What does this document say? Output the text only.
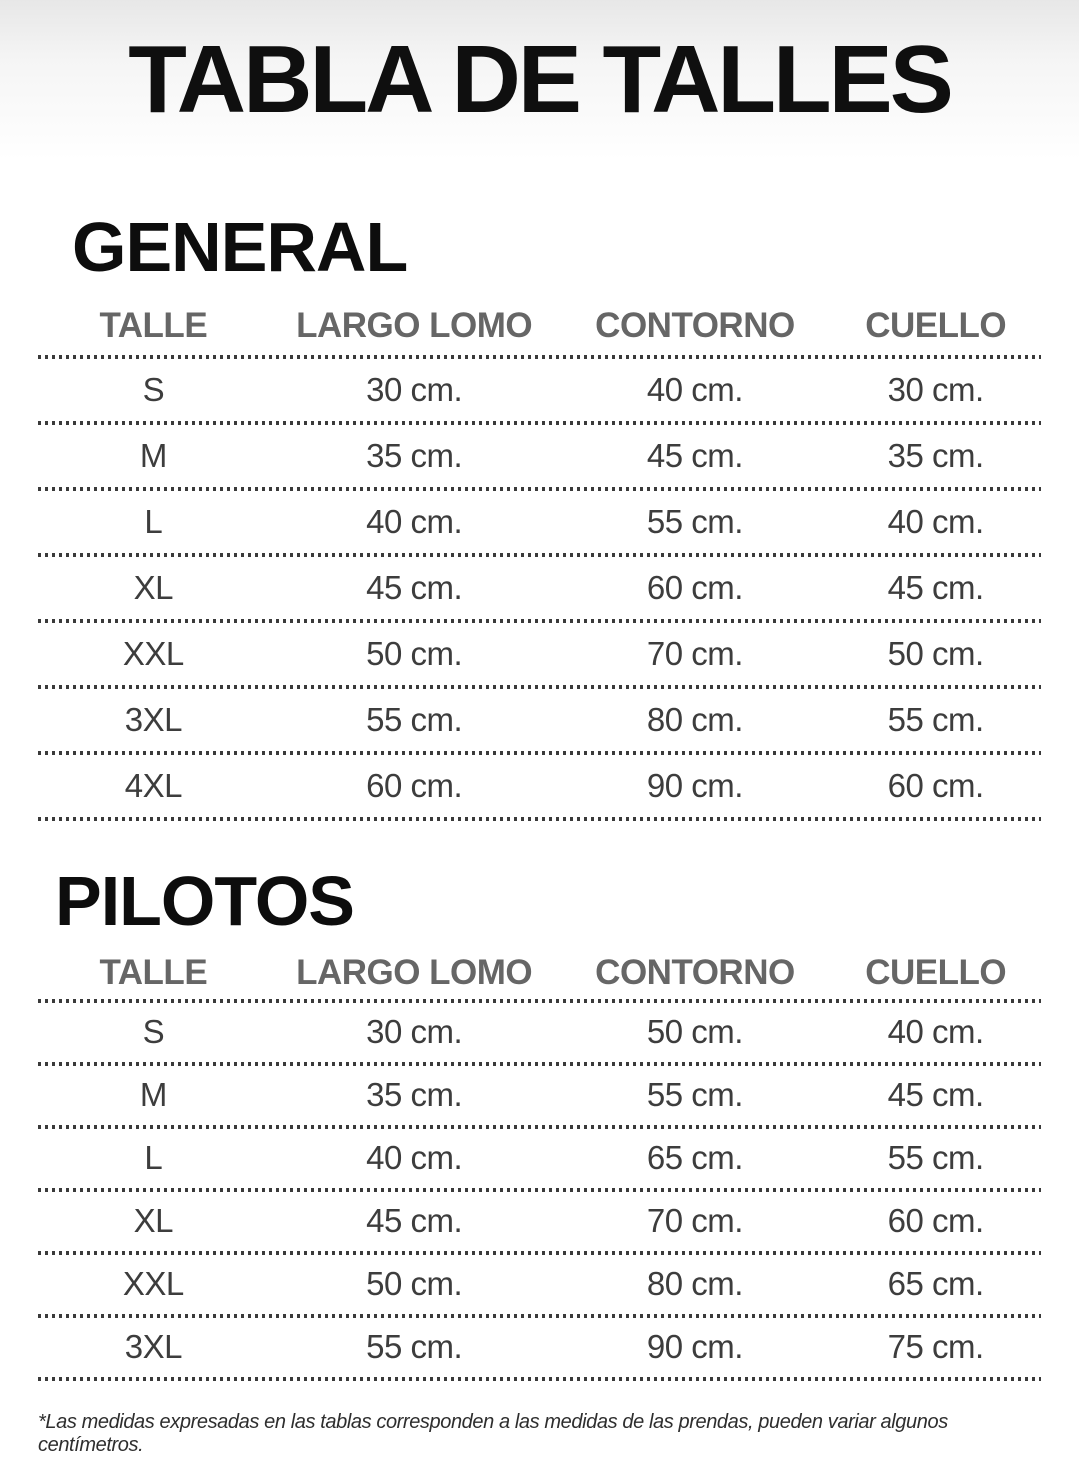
TABLA DE TALLES
GENERAL
TALLE	LARGO LOMO	CONTORNO	CUELLO
S	30 cm.	40 cm.	30 cm.
M	35 cm.	45 cm.	35 cm.
L	40 cm.	55 cm.	40 cm.
XL	45 cm.	60 cm.	45 cm.
XXL	50 cm.	70 cm.	50 cm.
3XL	55 cm.	80 cm.	55 cm.
4XL	60 cm.	90 cm.	60 cm.
PILOTOS
TALLE	LARGO LOMO	CONTORNO	CUELLO
S	30 cm.	50 cm.	40 cm.
M	35 cm.	55 cm.	45 cm.
L	40 cm.	65 cm.	55 cm.
XL	45 cm.	70 cm.	60 cm.
XXL	50 cm.	80 cm.	65 cm.
3XL	55 cm.	90 cm.	75 cm.

*Las medidas expresadas en las tablas corresponden a las medidas de las prendas, pueden variar algunos centímetros.
